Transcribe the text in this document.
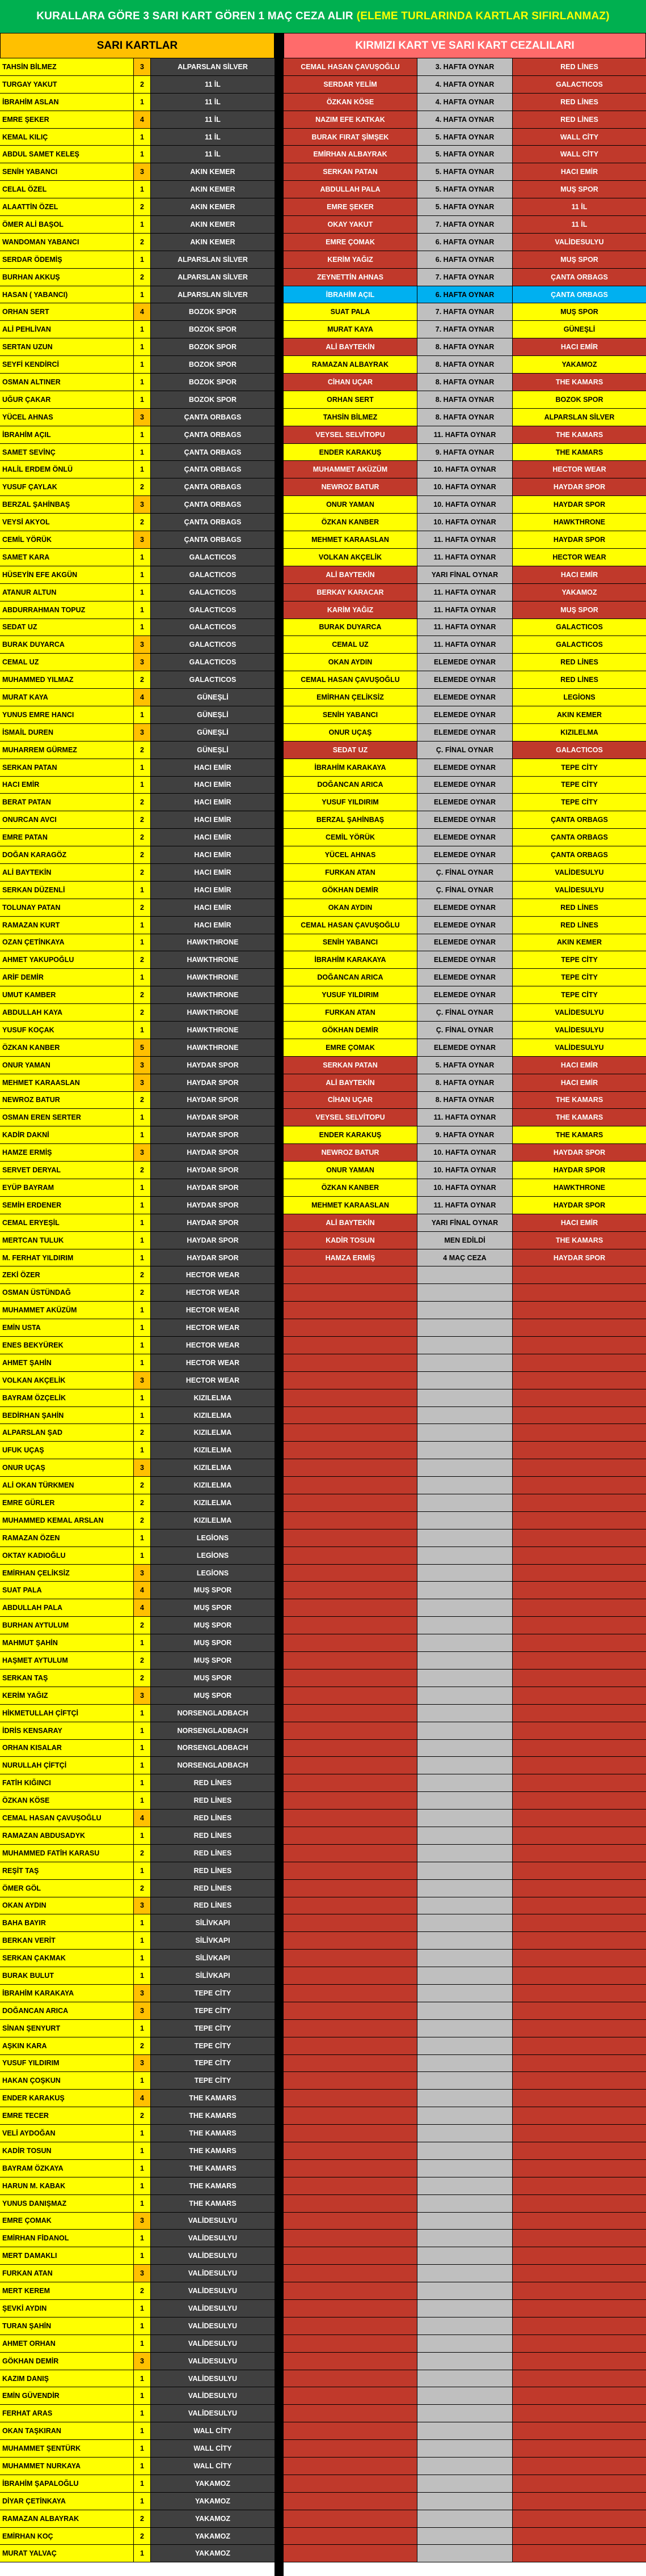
KURALLARA GÖRE 3 SARI KART GÖREN 1 MAÇ CEZA ALIR (ELEME TURLARINDA KARTLAR SIFIRLANMAZ)
SARI KARTLAR	KIRMIZI KART VE SARI KART CEZALILARI
TAHSİN BİLMEZ	3	ALPARSLAN SİLVER
TURGAY YAKUT	2	11 İL
İBRAHİM ASLAN	1	11 İL
EMRE ŞEKER	4	11 İL
KEMAL KILIÇ	1	11 İL
ABDUL SAMET KELEŞ	1	11 İL
SENİH YABANCI	3	AKIN KEMER
CELAL ÖZEL	1	AKIN KEMER
ALAATTİN ÖZEL	2	AKIN KEMER
ÖMER ALİ BAŞOL	1	AKIN KEMER
WANDOMAN YABANCI	2	AKIN KEMER
SERDAR ÖDEMİŞ	1	ALPARSLAN SİLVER
BURHAN AKKUŞ	2	ALPARSLAN SİLVER
HASAN ( YABANCI)	1	ALPARSLAN SİLVER
ORHAN SERT	4	BOZOK SPOR
ALİ PEHLİVAN	1	BOZOK SPOR
SERTAN UZUN	1	BOZOK SPOR
SEYFİ KENDİRCİ	1	BOZOK SPOR
OSMAN ALTINER	1	BOZOK SPOR
UĞUR ÇAKAR	1	BOZOK SPOR
YÜCEL AHNAS	3	ÇANTA ORBAGS
İBRAHİM AÇIL	1	ÇANTA ORBAGS
SAMET SEVİNÇ	1	ÇANTA ORBAGS
HALİL ERDEM ÖNLÜ	1	ÇANTA ORBAGS
YUSUF ÇAYLAK	2	ÇANTA ORBAGS
BERZAL ŞAHİNBAŞ	3	ÇANTA ORBAGS
VEYSİ AKYOL	2	ÇANTA ORBAGS
CEMİL YÖRÜK	3	ÇANTA ORBAGS
SAMET KARA	1	GALACTICOS
HÜSEYİN EFE AKGÜN	1	GALACTICOS
ATANUR ALTUN	1	GALACTICOS
ABDURRAHMAN TOPUZ	1	GALACTICOS
SEDAT UZ	1	GALACTICOS
BURAK DUYARCA	3	GALACTICOS
CEMAL UZ	3	GALACTICOS
MUHAMMED YILMAZ	2	GALACTICOS
MURAT KAYA	4	GÜNEŞLİ
YUNUS EMRE HANCI	1	GÜNEŞLİ
İSMAİL DUREN	3	GÜNEŞLİ
MUHARREM GÜRMEZ	2	GÜNEŞLİ
SERKAN PATAN	1	HACI EMİR
HACI EMİR	1	HACI EMİR
BERAT PATAN	2	HACI EMİR
ONURCAN AVCI	2	HACI EMİR
EMRE PATAN	2	HACI EMİR
DOĞAN KARAGÖZ	2	HACI EMİR
ALİ BAYTEKİN	2	HACI EMİR
SERKAN DÜZENLİ	1	HACI EMİR
TOLUNAY PATAN	2	HACI EMİR
RAMAZAN KURT	1	HACI EMİR
OZAN ÇETİNKAYA	1	HAWKTHRONE
AHMET YAKUPOĞLU	2	HAWKTHRONE
ARİF DEMİR	1	HAWKTHRONE
UMUT KAMBER	2	HAWKTHRONE
ABDULLAH KAYA	2	HAWKTHRONE
YUSUF KOÇAK	1	HAWKTHRONE
ÖZKAN KANBER	5	HAWKTHRONE
ONUR YAMAN	3	HAYDAR SPOR
MEHMET KARAASLAN	3	HAYDAR SPOR
NEWROZ BATUR	2	HAYDAR SPOR
OSMAN EREN SERTER	1	HAYDAR SPOR
KADİR DAKNİ	1	HAYDAR SPOR
HAMZE ERMİŞ	3	HAYDAR SPOR
SERVET DERYAL	2	HAYDAR SPOR
EYÜP BAYRAM	1	HAYDAR SPOR
SEMİH ERDENER	1	HAYDAR SPOR
CEMAL ERYEŞİL	1	HAYDAR SPOR
MERTCAN TULUK	1	HAYDAR SPOR
M. FERHAT YILDIRIM	1	HAYDAR SPOR
ZEKİ ÖZER	2	HECTOR WEAR
OSMAN ÜSTÜNDAĞ	2	HECTOR WEAR
MUHAMMET AKÜZÜM	1	HECTOR WEAR
EMİN USTA	1	HECTOR WEAR
ENES BEKYÜREK	1	HECTOR WEAR
AHMET ŞAHİN	1	HECTOR WEAR
VOLKAN AKÇELİK	3	HECTOR WEAR
BAYRAM ÖZÇELİK	1	KIZILELMA
BEDİRHAN ŞAHİN	1	KIZILELMA
ALPARSLAN ŞAD	2	KIZILELMA
UFUK UÇAŞ	1	KIZILELMA
ONUR UÇAŞ	3	KIZILELMA
ALİ OKAN TÜRKMEN	2	KIZILELMA
EMRE GÜRLER	2	KIZILELMA
MUHAMMED KEMAL ARSLAN	2	KIZILELMA
RAMAZAN ÖZEN	1	LEGİONS
OKTAY KADIOĞLU	1	LEGİONS
EMİRHAN ÇELİKSİZ	3	LEGİONS
SUAT PALA	4	MUŞ SPOR
ABDULLAH PALA	4	MUŞ SPOR
BURHAN AYTULUM	2	MUŞ SPOR
MAHMUT ŞAHİN	1	MUŞ SPOR
HAŞMET AYTULUM	2	MUŞ SPOR
SERKAN TAŞ	2	MUŞ SPOR
KERİM YAĞIZ	3	MUŞ SPOR
HİKMETULLAH ÇİFTÇİ	1	NORSENGLADBACH
İDRİS KENSARAY	1	NORSENGLADBACH
ORHAN KISALAR	1	NORSENGLADBACH
NURULLAH ÇİFTÇİ	1	NORSENGLADBACH
FATİH KIĞINCI	1	RED LİNES
ÖZKAN KÖSE	1	RED LİNES
CEMAL HASAN ÇAVUŞOĞLU	4	RED LİNES
RAMAZAN ABDUSADYK	1	RED LİNES
MUHAMMED FATİH KARASU	2	RED LİNES
REŞİT TAŞ	1	RED LİNES
ÖMER GÖL	2	RED LİNES
OKAN AYDIN	3	RED LİNES
BAHA BAYIR	1	SİLİVKAPI
BERKAN VERİT	1	SİLİVKAPI
SERKAN ÇAKMAK	1	SİLİVKAPI
BURAK BULUT	1	SİLİVKAPI
İBRAHİM KARAKAYA	3	TEPE CİTY
DOĞANCAN ARICA	3	TEPE CİTY
SİNAN ŞENYURT	1	TEPE CİTY
AŞKIN KARA	2	TEPE CİTY
YUSUF YILDIRIM	3	TEPE CİTY
HAKAN ÇOŞKUN	1	TEPE CİTY
ENDER KARAKUŞ	4	THE KAMARS
EMRE TECER	2	THE KAMARS
VELİ AYDOĞAN	1	THE KAMARS
KADİR TOSUN	1	THE KAMARS
BAYRAM ÖZKAYA	1	THE KAMARS
HARUN M. KABAK	1	THE KAMARS
YUNUS DANIŞMAZ	1	THE KAMARS
EMRE ÇOMAK	3	VALİDESULYU
EMİRHAN FİDANOL	1	VALİDESULYU
MERT DAMAKLI	1	VALİDESULYU
FURKAN ATAN	3	VALİDESULYU
MERT KEREM	2	VALİDESULYU
ŞEVKİ AYDIN	1	VALİDESULYU
TURAN ŞAHİN	1	VALİDESULYU
AHMET ORHAN	1	VALİDESULYU
GÖKHAN DEMİR	3	VALİDESULYU
KAZIM DANIŞ	1	VALİDESULYU
EMİN GÜVENDİR	1	VALİDESULYU
FERHAT ARAS	1	VALİDESULYU
OKAN TAŞKIRAN	1	WALL CİTY
MUHAMMET ŞENTÜRK	1	WALL CİTY
MUHAMMET NURKAYA	1	WALL CİTY
İBRAHİM ŞAPALOĞLU	1	YAKAMOZ
DİYAR ÇETİNKAYA	1	YAKAMOZ
RAMAZAN ALBAYRAK	2	YAKAMOZ
EMİRHAN KOÇ	2	YAKAMOZ
MURAT YALVAÇ	1	YAKAMOZ
CEMAL HASAN ÇAVUŞOĞLU	3. HAFTA OYNAR	RED LİNES
SERDAR YELİM	4. HAFTA OYNAR	GALACTICOS
ÖZKAN KÖSE	4. HAFTA OYNAR	RED LİNES
NAZIM EFE KATKAK	4. HAFTA OYNAR	RED LİNES
BURAK FIRAT ŞİMŞEK	5. HAFTA OYNAR	WALL CİTY
EMİRHAN ALBAYRAK	5. HAFTA OYNAR	WALL CİTY
SERKAN PATAN	5. HAFTA OYNAR	HACI EMİR
ABDULLAH PALA	5. HAFTA OYNAR	MUŞ SPOR
EMRE ŞEKER	5. HAFTA OYNAR	11 İL
OKAY YAKUT	7. HAFTA OYNAR	11 İL
EMRE ÇOMAK	6. HAFTA OYNAR	VALİDESULYU
KERİM YAĞIZ	6. HAFTA OYNAR	MUŞ SPOR
ZEYNETTİN AHNAS	7. HAFTA OYNAR	ÇANTA ORBAGS
İBRAHİM AÇIL	6. HAFTA OYNAR	ÇANTA ORBAGS
SUAT PALA	7. HAFTA OYNAR	MUŞ SPOR
MURAT KAYA	7. HAFTA OYNAR	GÜNEŞLİ
ALİ BAYTEKİN	8. HAFTA OYNAR	HACI EMİR
RAMAZAN ALBAYRAK	8. HAFTA OYNAR	YAKAMOZ
CİHAN UÇAR	8. HAFTA OYNAR	THE KAMARS
ORHAN SERT	8. HAFTA OYNAR	BOZOK SPOR
TAHSİN BİLMEZ	8. HAFTA OYNAR	ALPARSLAN SİLVER
VEYSEL SELVİTOPU	11. HAFTA OYNAR	THE KAMARS
ENDER KARAKUŞ	9. HAFTA OYNAR	THE KAMARS
MUHAMMET AKÜZÜM	10. HAFTA OYNAR	HECTOR WEAR
NEWROZ BATUR	10. HAFTA OYNAR	HAYDAR SPOR
ONUR YAMAN	10. HAFTA OYNAR	HAYDAR SPOR
ÖZKAN KANBER	10. HAFTA OYNAR	HAWKTHRONE
MEHMET KARAASLAN	11. HAFTA OYNAR	HAYDAR SPOR
VOLKAN AKÇELİK	11. HAFTA OYNAR	HECTOR WEAR
ALİ BAYTEKİN	YARI FİNAL OYNAR	HACI EMİR
BERKAY KARACAR	11. HAFTA OYNAR	YAKAMOZ
KARİM YAĞIZ	11. HAFTA OYNAR	MUŞ SPOR
BURAK DUYARCA	11. HAFTA OYNAR	GALACTICOS
CEMAL UZ	11. HAFTA OYNAR	GALACTICOS
OKAN AYDIN	ELEMEDE OYNAR	RED LİNES
CEMAL HASAN ÇAVUŞOĞLU	ELEMEDE OYNAR	RED LİNES
EMİRHAN ÇELİKSİZ	ELEMEDE OYNAR	LEGİONS
SENİH YABANCI	ELEMEDE OYNAR	AKIN KEMER
ONUR UÇAŞ	ELEMEDE OYNAR	KIZILELMA
SEDAT UZ	Ç. FİNAL OYNAR	GALACTICOS
İBRAHİM KARAKAYA	ELEMEDE OYNAR	TEPE CİTY
DOĞANCAN ARICA	ELEMEDE OYNAR	TEPE CİTY
YUSUF YILDIRIM	ELEMEDE OYNAR	TEPE CİTY
BERZAL ŞAHİNBAŞ	ELEMEDE OYNAR	ÇANTA ORBAGS
CEMİL YÖRÜK	ELEMEDE OYNAR	ÇANTA ORBAGS
YÜCEL AHNAS	ELEMEDE OYNAR	ÇANTA ORBAGS
FURKAN ATAN	Ç. FİNAL OYNAR	VALİDESULYU
GÖKHAN DEMİR	Ç. FİNAL OYNAR	VALİDESULYU
OKAN AYDIN	ELEMEDE OYNAR	RED LİNES
CEMAL HASAN ÇAVUŞOĞLU	ELEMEDE OYNAR	RED LİNES
SENİH YABANCI	ELEMEDE OYNAR	AKIN KEMER
İBRAHİM KARAKAYA	ELEMEDE OYNAR	TEPE CİTY
DOĞANCAN ARICA	ELEMEDE OYNAR	TEPE CİTY
YUSUF YILDIRIM	ELEMEDE OYNAR	TEPE CİTY
FURKAN ATAN	Ç. FİNAL OYNAR	VALİDESULYU
GÖKHAN DEMİR	Ç. FİNAL OYNAR	VALİDESULYU
EMRE ÇOMAK	ELEMEDE OYNAR	VALİDESULYU
SERKAN PATAN	5. HAFTA OYNAR	HACI EMİR
ALİ BAYTEKİN	8. HAFTA OYNAR	HACI EMİR
CİHAN UÇAR	8. HAFTA OYNAR	THE KAMARS
VEYSEL SELVİTOPU	11. HAFTA OYNAR	THE KAMARS
ENDER KARAKUŞ	9. HAFTA OYNAR	THE KAMARS
NEWROZ BATUR	10. HAFTA OYNAR	HAYDAR SPOR
ONUR YAMAN	10. HAFTA OYNAR	HAYDAR SPOR
ÖZKAN KANBER	10. HAFTA OYNAR	HAWKTHRONE
MEHMET KARAASLAN	11. HAFTA OYNAR	HAYDAR SPOR
ALİ BAYTEKİN	YARI FİNAL OYNAR	HACI EMİR
KADİR TOSUN	MEN EDİLDİ	THE KAMARS
HAMZA ERMİŞ	4 MAÇ CEZA	HAYDAR SPOR
